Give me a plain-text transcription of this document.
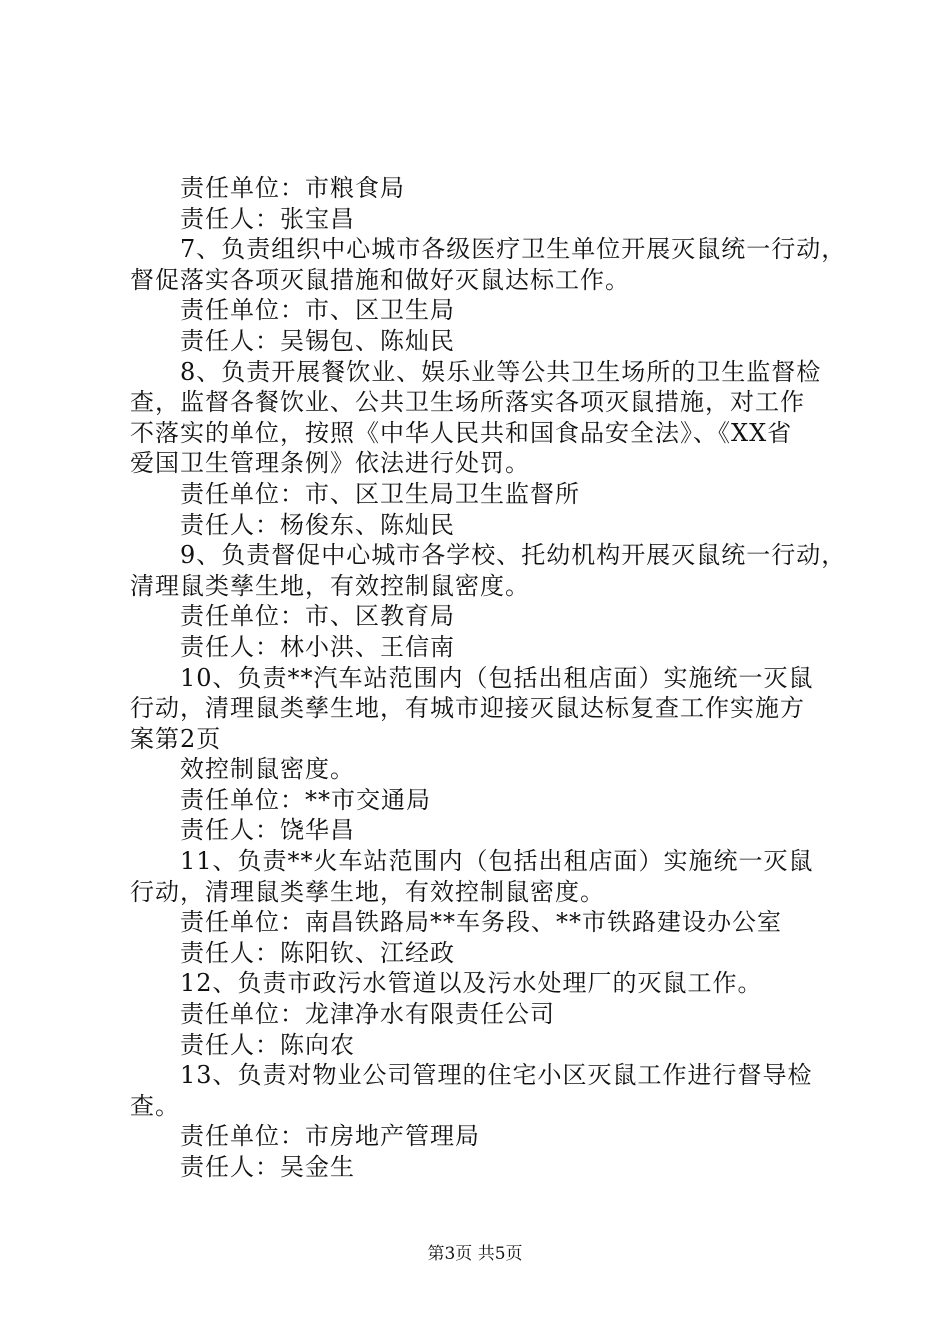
责任单位：市粮食局
责任人：张宝昌
7、负责组织中心城市各级医疗卫生单位开展灭鼠统一行动，
督促落实各项灭鼠措施和做好灭鼠达标工作。
责任单位：市、区卫生局
责任人：吴锡包、陈灿民
8、负责开展餐饮业、娱乐业等公共卫生场所的卫生监督检
查，监督各餐饮业、公共卫生场所落实各项灭鼠措施，对工作
不落实的单位，按照《中华人民共和国食品安全法》、《XX省
爱国卫生管理条例》依法进行处罚。
责任单位：市、区卫生局卫生监督所
责任人：杨俊东、陈灿民
9、负责督促中心城市各学校、托幼机构开展灭鼠统一行动，
清理鼠类孳生地，有效控制鼠密度。
责任单位：市、区教育局
责任人：林小洪、王信南
10、负责**汽车站范围内（包括出租店面）实施统一灭鼠
行动，清理鼠类孳生地，有城市迎接灭鼠达标复查工作实施方
案第2页
效控制鼠密度。
责任单位：**市交通局
责任人：饶华昌
11、负责**火车站范围内（包括出租店面）实施统一灭鼠
行动，清理鼠类孳生地，有效控制鼠密度。
责任单位：南昌铁路局**车务段、**市铁路建设办公室
责任人：陈阳钦、江经政
12、负责市政污水管道以及污水处理厂的灭鼠工作。
责任单位：龙津净水有限责任公司
责任人：陈向农
13、负责对物业公司管理的住宅小区灭鼠工作进行督导检
查。
责任单位：市房地产管理局
责任人：吴金生
第3页 共5页
